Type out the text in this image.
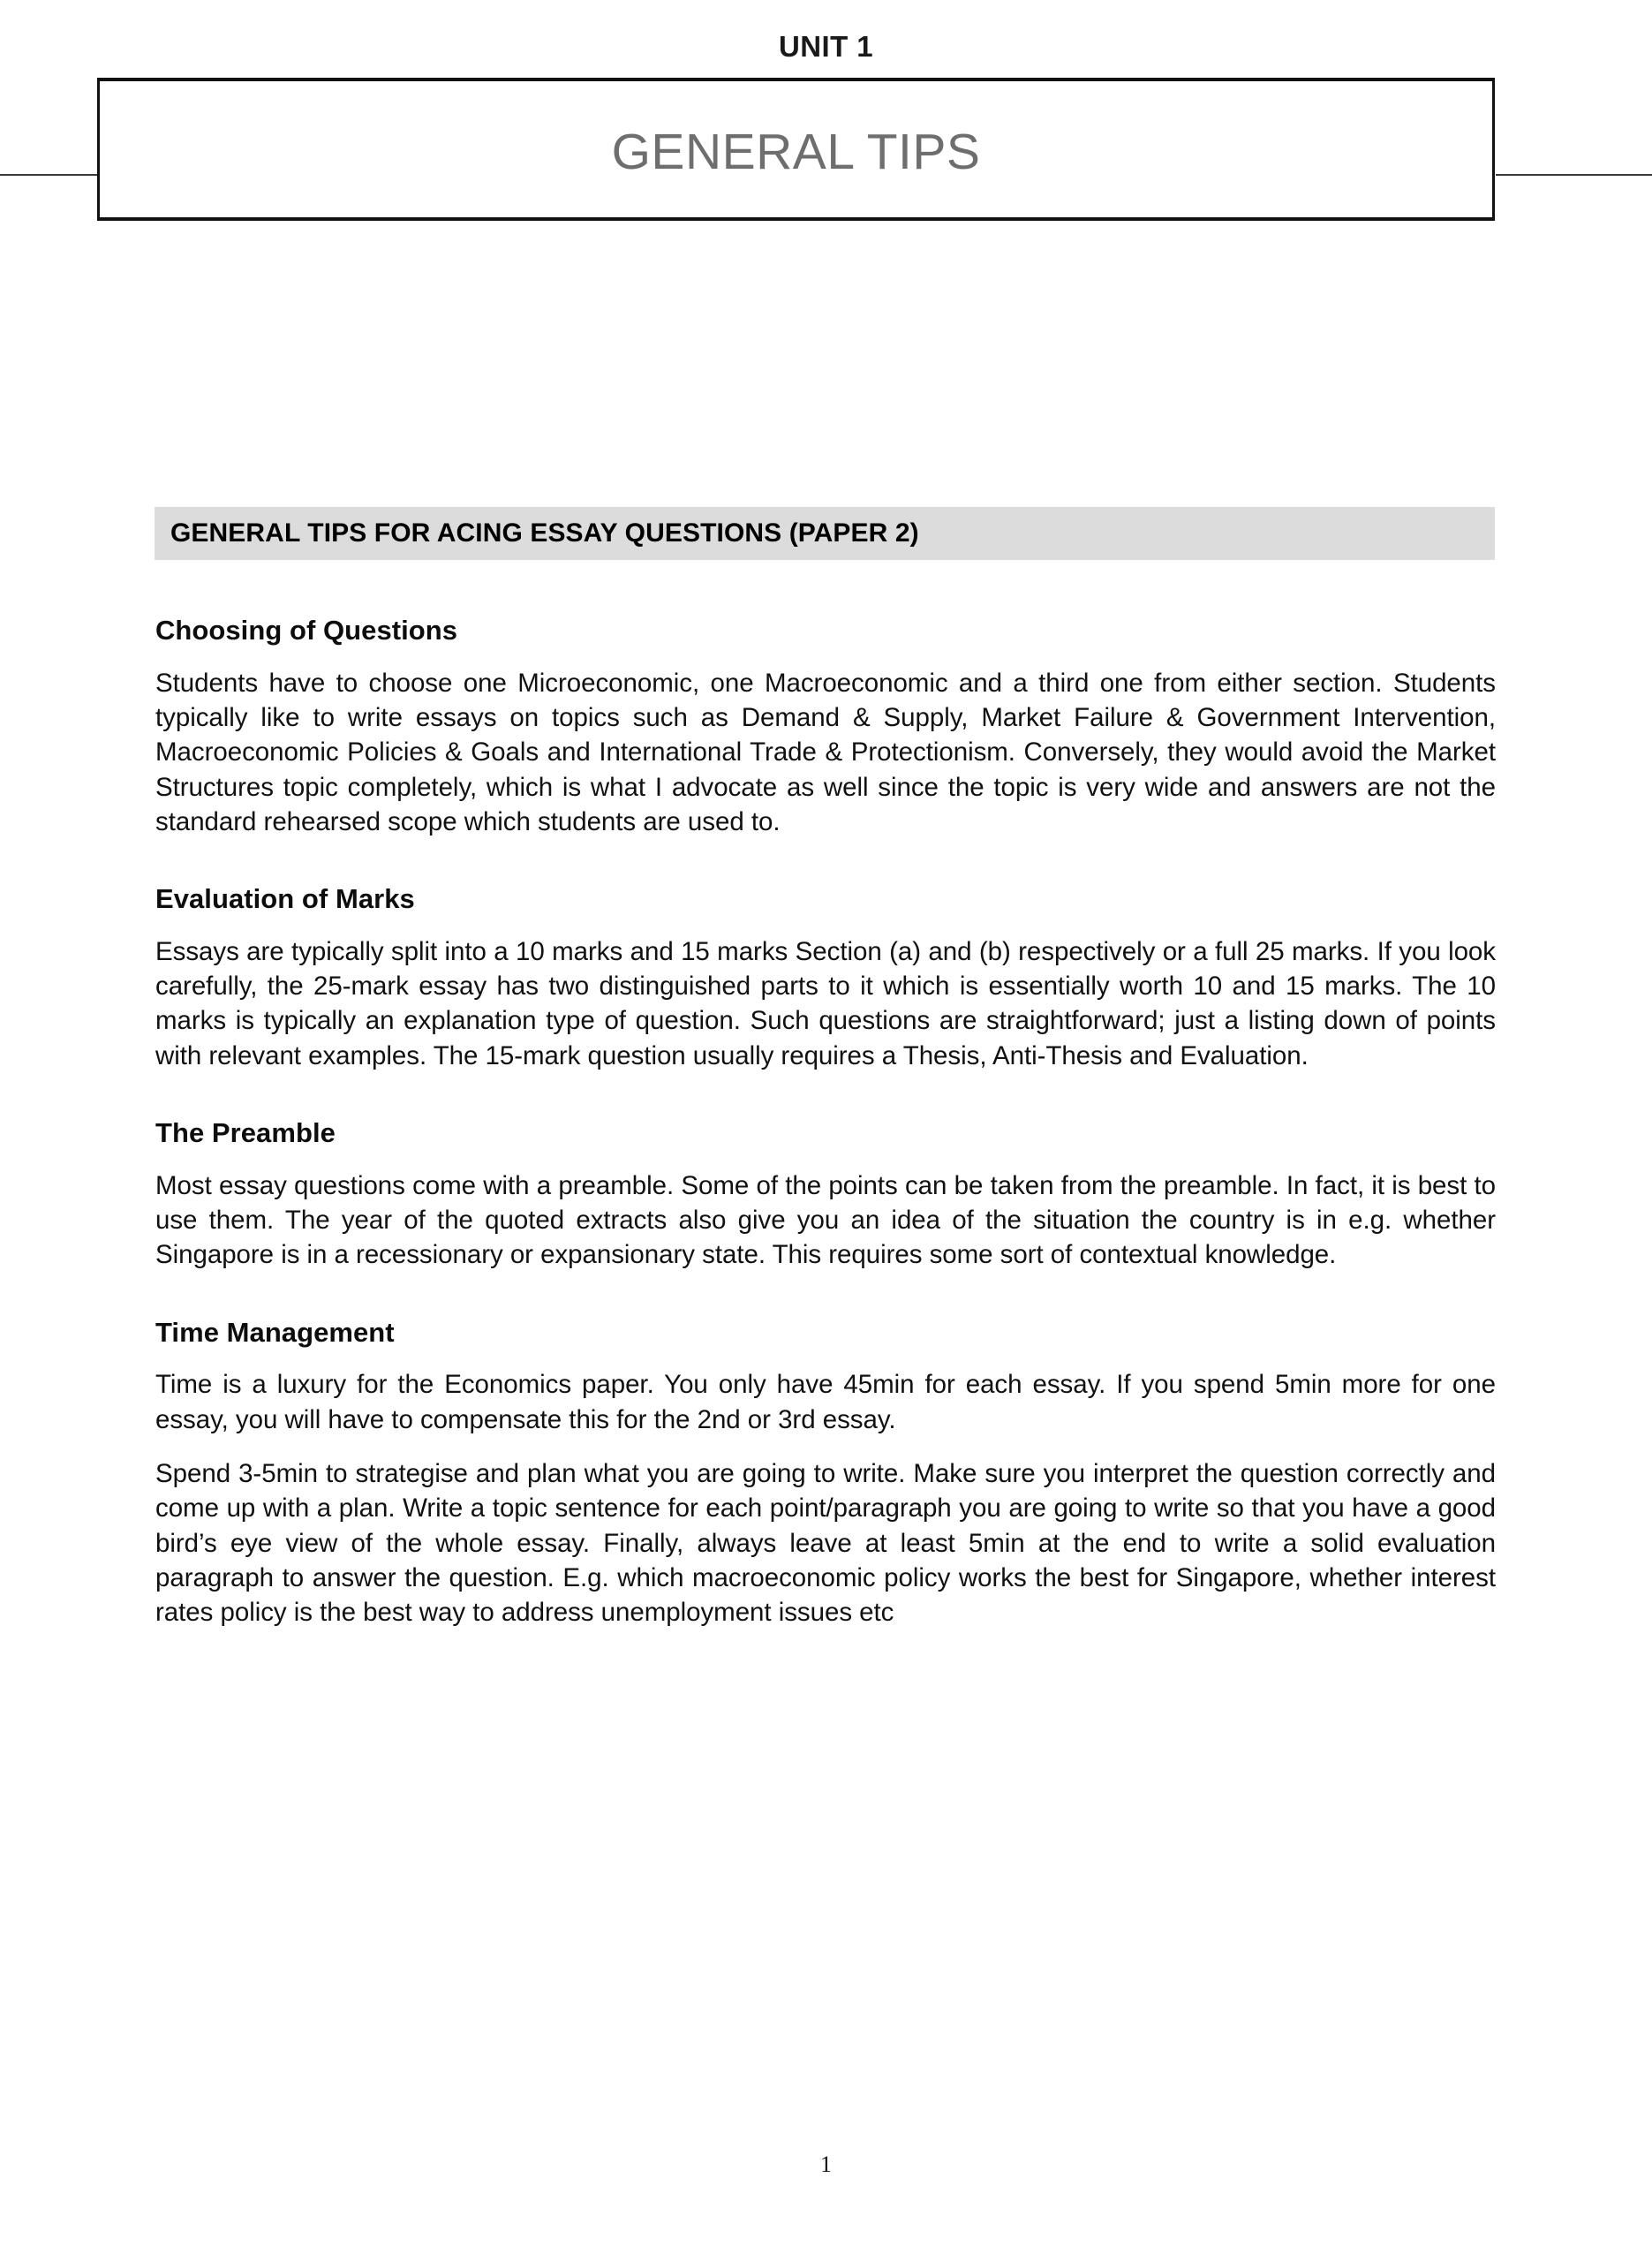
UNIT 1
GENERAL TIPS
GENERAL TIPS FOR ACING ESSAY QUESTIONS (PAPER 2)
Choosing of Questions

Students have to choose one Microeconomic, one Macroeconomic and a third one from either section. Students typically like to write essays on topics such as Demand & Supply, Market Failure & Government Intervention, Macroeconomic Policies & Goals and International Trade & Protectionism. Conversely, they would avoid the Market Structures topic completely, which is what I advocate as well since the topic is very wide and answers are not the standard rehearsed scope which students are used to.

Evaluation of Marks

Essays are typically split into a 10 marks and 15 marks Section (a) and (b) respectively or a full 25 marks. If you look carefully, the 25-mark essay has two distinguished parts to it which is essentially worth 10 and 15 marks. The 10 marks is typically an explanation type of question. Such questions are straightforward; just a listing down of points with relevant examples. The 15-mark question usually requires a Thesis, Anti-Thesis and Evaluation.

The Preamble

Most essay questions come with a preamble. Some of the points can be taken from the preamble. In fact, it is best to use them. The year of the quoted extracts also give you an idea of the situation the country is in e.g. whether Singapore is in a recessionary or expansionary state. This requires some sort of contextual knowledge.

Time Management

Time is a luxury for the Economics paper. You only have 45min for each essay. If you spend 5min more for one essay, you will have to compensate this for the 2nd or 3rd essay.

Spend 3-5min to strategise and plan what you are going to write. Make sure you interpret the question correctly and come up with a plan. Write a topic sentence for each point/paragraph you are going to write so that you have a good bird’s eye view of the whole essay. Finally, always leave at least 5min at the end to write a solid evaluation paragraph to answer the question. E.g. which macroeconomic policy works the best for Singapore, whether interest rates policy is the best way to address unemployment issues etc

1
